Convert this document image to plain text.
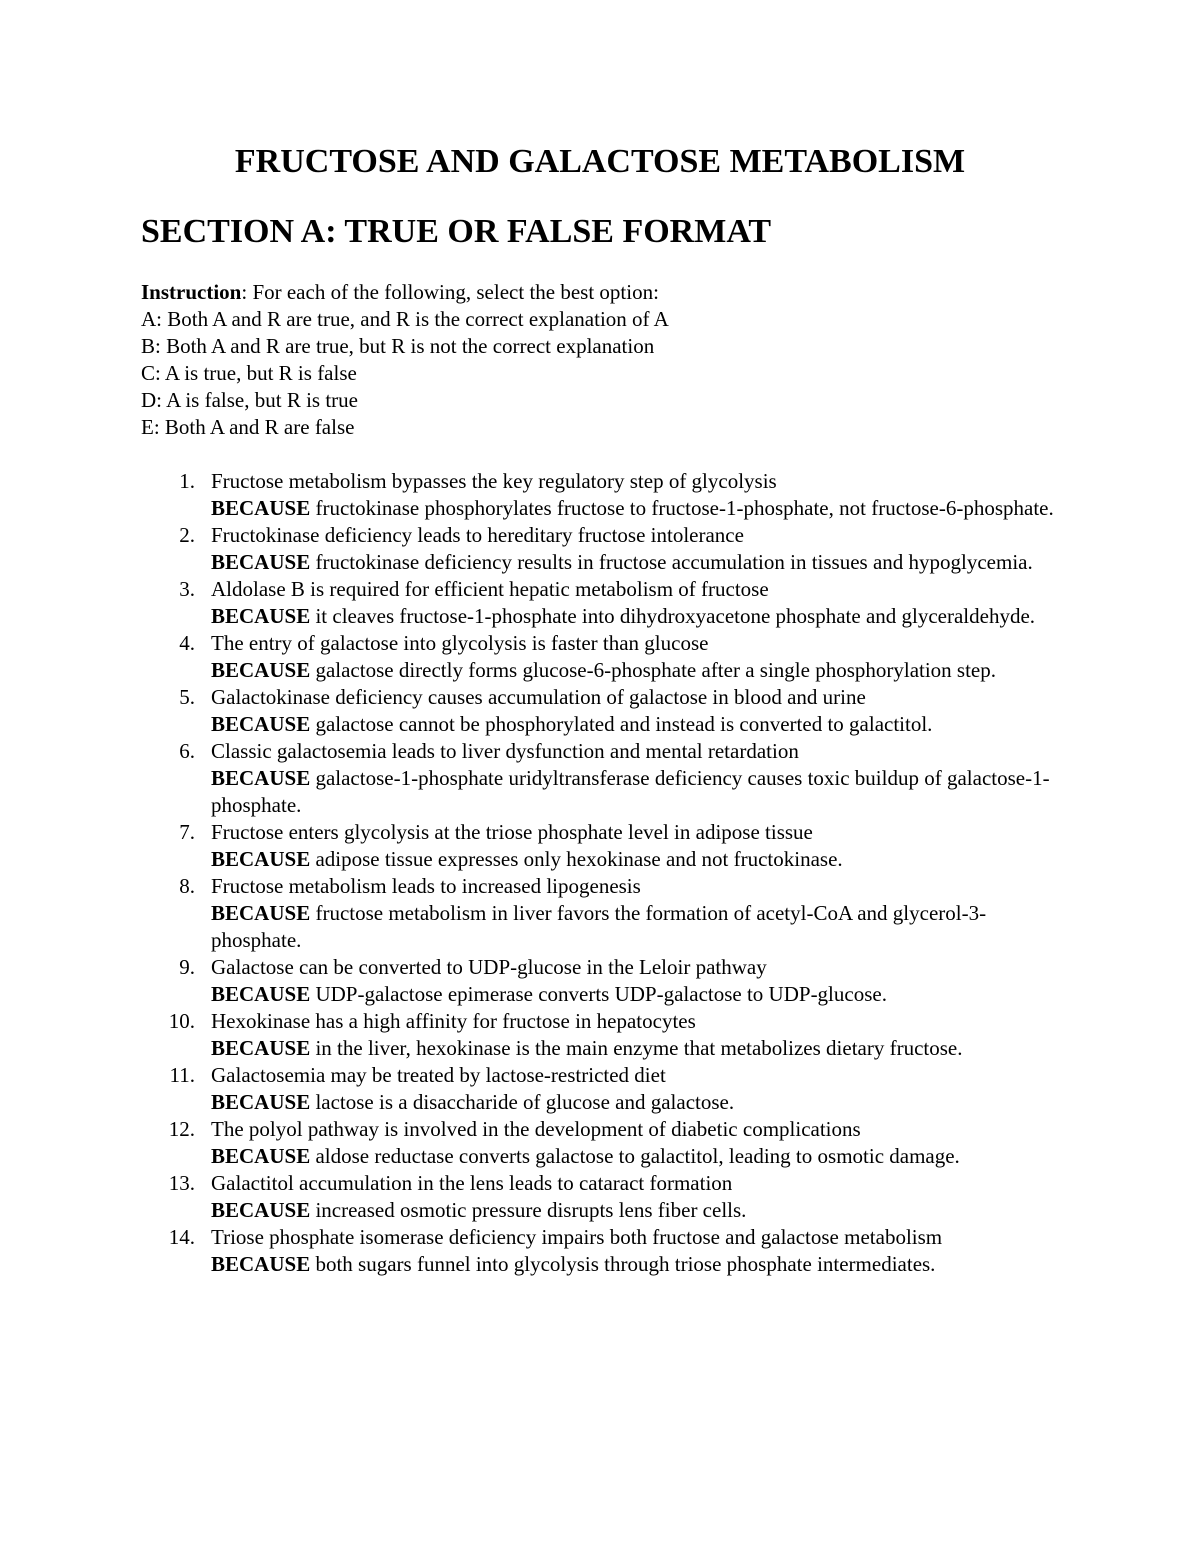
FRUCTOSE AND GALACTOSE METABOLISM
SECTION A: TRUE OR FALSE FORMAT
Instruction: For each of the following, select the best option:
A: Both A and R are true, and R is the correct explanation of A
B: Both A and R are true, but R is not the correct explanation
C: A is true, but R is false
D: A is false, but R is true
E: Both A and R are false
1. Fructose metabolism bypasses the key regulatory step of glycolysis
BECAUSE fructokinase phosphorylates fructose to fructose-1-phosphate, not fructose-6-phosphate.
2. Fructokinase deficiency leads to hereditary fructose intolerance
BECAUSE fructokinase deficiency results in fructose accumulation in tissues and hypoglycemia.
3. Aldolase B is required for efficient hepatic metabolism of fructose
BECAUSE it cleaves fructose-1-phosphate into dihydroxyacetone phosphate and glyceraldehyde.
4. The entry of galactose into glycolysis is faster than glucose
BECAUSE galactose directly forms glucose-6-phosphate after a single phosphorylation step.
5. Galactokinase deficiency causes accumulation of galactose in blood and urine
BECAUSE galactose cannot be phosphorylated and instead is converted to galactitol.
6. Classic galactosemia leads to liver dysfunction and mental retardation
BECAUSE galactose-1-phosphate uridyltransferase deficiency causes toxic buildup of galactose-1-phosphate.
7. Fructose enters glycolysis at the triose phosphate level in adipose tissue
BECAUSE adipose tissue expresses only hexokinase and not fructokinase.
8. Fructose metabolism leads to increased lipogenesis
BECAUSE fructose metabolism in liver favors the formation of acetyl-CoA and glycerol-3-phosphate.
9. Galactose can be converted to UDP-glucose in the Leloir pathway
BECAUSE UDP-galactose epimerase converts UDP-galactose to UDP-glucose.
10. Hexokinase has a high affinity for fructose in hepatocytes
BECAUSE in the liver, hexokinase is the main enzyme that metabolizes dietary fructose.
11. Galactosemia may be treated by lactose-restricted diet
BECAUSE lactose is a disaccharide of glucose and galactose.
12. The polyol pathway is involved in the development of diabetic complications
BECAUSE aldose reductase converts galactose to galactitol, leading to osmotic damage.
13. Galactitol accumulation in the lens leads to cataract formation
BECAUSE increased osmotic pressure disrupts lens fiber cells.
14. Triose phosphate isomerase deficiency impairs both fructose and galactose metabolism
BECAUSE both sugars funnel into glycolysis through triose phosphate intermediates.
